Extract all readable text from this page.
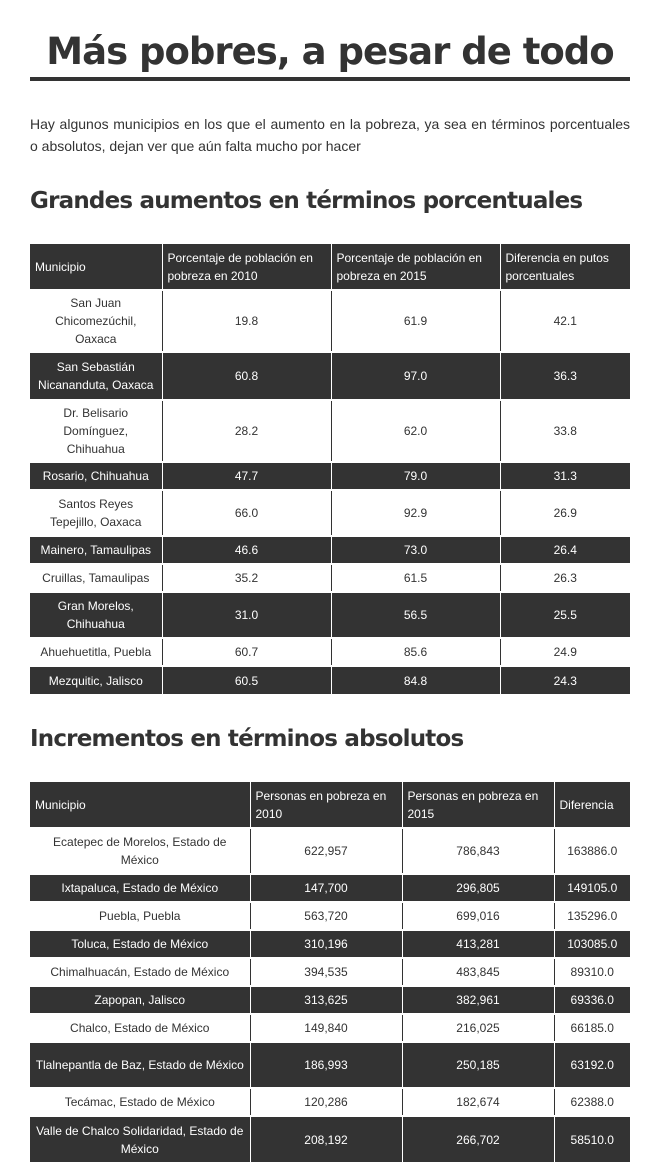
Más pobres, a pesar de todo

Hay algunos municipios en los que el aumento en la pobreza, ya sea en términos porcentuales o absolutos, dejan ver que aún falta mucho por hacer

Grandes aumentos en términos porcentuales
Municipio	Porcentaje de población en pobreza en 2010	Porcentaje de población en pobreza en 2015	Diferencia en putos porcentuales
San Juan Chicomezúchil, Oaxaca	19.8	61.9	42.1
San Sebastián Nicananduta, Oaxaca	60.8	97.0	36.3
Dr. Belisario Domínguez, Chihuahua	28.2	62.0	33.8
Rosario, Chihuahua	47.7	79.0	31.3
Santos Reyes Tepejillo, Oaxaca	66.0	92.9	26.9
Mainero, Tamaulipas	46.6	73.0	26.4
Cruillas, Tamaulipas	35.2	61.5	26.3
Gran Morelos, Chihuahua	31.0	56.5	25.5
Ahuehuetitla, Puebla	60.7	85.6	24.9
Mezquitic, Jalisco	60.5	84.8	24.3
Incrementos en términos absolutos
Municipio	Personas en pobreza en 2010	Personas en pobreza en 2015	Diferencia
Ecatepec de Morelos, Estado de México	622,957	786,843	163886.0
Ixtapaluca, Estado de México	147,700	296,805	149105.0
Puebla, Puebla	563,720	699,016	135296.0
Toluca, Estado de México	310,196	413,281	103085.0
Chimalhuacán, Estado de México	394,535	483,845	89310.0
Zapopan, Jalisco	313,625	382,961	69336.0
Chalco, Estado de México	149,840	216,025	66185.0
Tlalnepantla de Baz, Estado de México	186,993	250,185	63192.0
Tecámac, Estado de México	120,286	182,674	62388.0
Valle de Chalco Solidaridad, Estado de México	208,192	266,702	58510.0
